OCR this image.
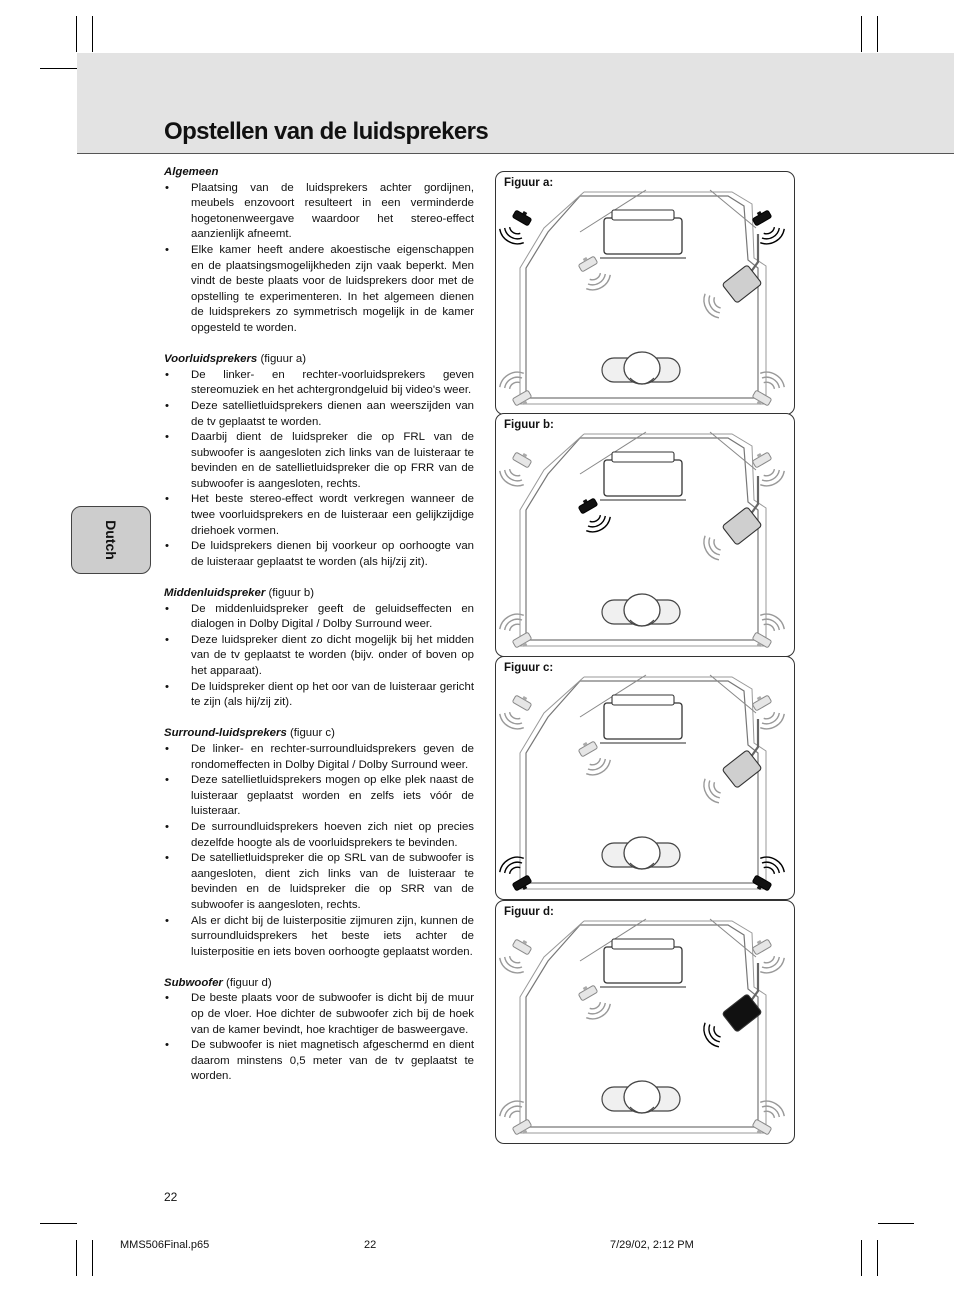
Opstellen van de luidsprekers
Dutch
Algemeen
• Plaatsing van de luidsprekers achter gordijnen, meubels enzovoort resulteert in een verminderde hogetonenweergave waardoor het stereo-effect aanzienlijk afneemt.
• Elke kamer heeft andere akoestische eigenschappen en de plaatsingsmogelijkheden zijn vaak beperkt. Men vindt de beste plaats voor de luidsprekers door met de opstelling te experimenteren. In het algemeen dienen de luidsprekers zo symmetrisch mogelijk in de kamer opgesteld te worden.
Voorluidsprekers (figuur a)
• De linker- en rechter-voorluidsprekers geven stereomuziek en het achtergrondgeluid bij video's weer.
• Deze satellietluidsprekers dienen aan weerszijden van de tv geplaatst te worden.
• Daarbij dient de luidspreker die op FRL van de subwoofer is aangesloten zich links van de luisteraar te bevinden en de satellietluidspreker die op FRR van de subwoofer is aangesloten, rechts.
• Het beste stereo-effect wordt verkregen wanneer de twee voorluidsprekers en de luisteraar een gelijkzijdige driehoek vormen.
• De luidsprekers dienen bij voorkeur op oorhoogte van de luisteraar geplaatst te worden (als hij/zij zit).
Middenluidspreker (figuur b)
• De middenluidspreker geeft de geluidseffecten en dialogen in Dolby Digital / Dolby Surround weer.
• Deze luidspreker dient zo dicht mogelijk bij het midden van de tv geplaatst te worden (bijv. onder of boven op het apparaat).
• De luidspreker dient op het oor van de luisteraar gericht te zijn (als hij/zij zit).
Surround-luidsprekers (figuur c)
• De linker- en rechter-surroundluidsprekers geven de rondomeffecten in Dolby Digital / Dolby Surround weer.
• Deze satellietluidsprekers mogen op elke plek naast de luisteraar geplaatst worden en zelfs iets vóór de luisteraar.
• De surroundluidsprekers hoeven zich niet op precies dezelfde hoogte als de voorluidsprekers te bevinden.
• De satellietluidspreker die op SRL van de subwoofer is aangesloten, dient zich links van de luisteraar te bevinden en de luidspreker die op SRR van de subwoofer is aangesloten, rechts.
• Als er dicht bij de luisterpositie zijmuren zijn, kunnen de surroundluidsprekers het beste iets achter de luisterpositie en iets boven oorhoogte geplaatst worden.
Subwoofer (figuur d)
• De beste plaats voor de subwoofer is dicht bij de muur op de vloer. Hoe dichter de subwoofer zich bij de hoek van de kamer bevindt, hoe krachtiger de basweergave.
• De subwoofer is niet magnetisch afgeschermd en dient daarom minstens 0,5 meter van de tv geplaatst te worden.
Figuur a:
Figuur b:
Figuur c:
Figuur d:
22
MMS506Final.p65	22	7/29/02, 2:12 PM
